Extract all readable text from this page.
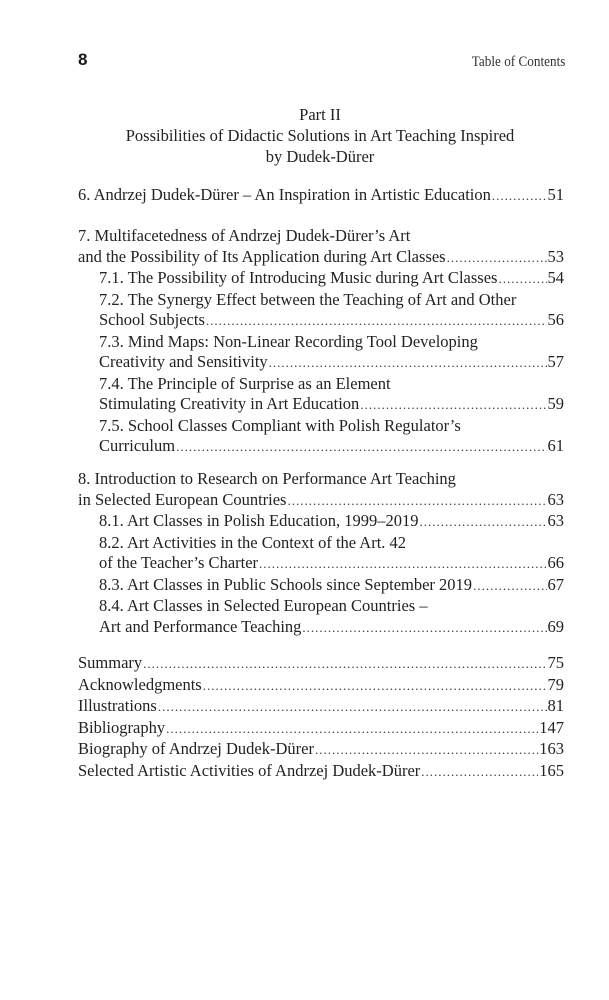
8	Table of Contents
Part II
Possibilities of Didactic Solutions in Art Teaching Inspired
by Dudek-Dürer
6. Andrzej Dudek-Dürer – An Inspiration in Artistic Education .....	51
7. Multifacetedness of Andrzej Dudek-Dürer’s Art
and the Possibility of Its Application during Art Classes .....	53
7.1. The Possibility of Introducing Music during Art Classes .....	54
7.2. The Synergy Effect between the Teaching of Art and Other
School Subjects .....	56
7.3. Mind Maps: Non-Linear Recording Tool Developing
Creativity and Sensitivity .....	57
7.4. The Principle of Surprise as an Element
Stimulating Creativity in Art Education .....	59
7.5. School Classes Compliant with Polish Regulator’s
Curriculum .....	61
8. Introduction to Research on Performance Art Teaching
in Selected European Countries .....	63
8.1. Art Classes in Polish Education, 1999–2019 .....	63
8.2. Art Activities in the Context of the Art. 42
of the Teacher’s Charter .....	66
8.3. Art Classes in Public Schools since September 2019 .....	67
8.4. Art Classes in Selected European Countries –
Art and Performance Teaching .....	69
Summary .....	75
Acknowledgments .....	79
Illustrations .....	81
Bibliography .....	147
Biography of Andrzej Dudek-Dürer .....	163
Selected Artistic Activities of Andrzej Dudek-Dürer .....	165
